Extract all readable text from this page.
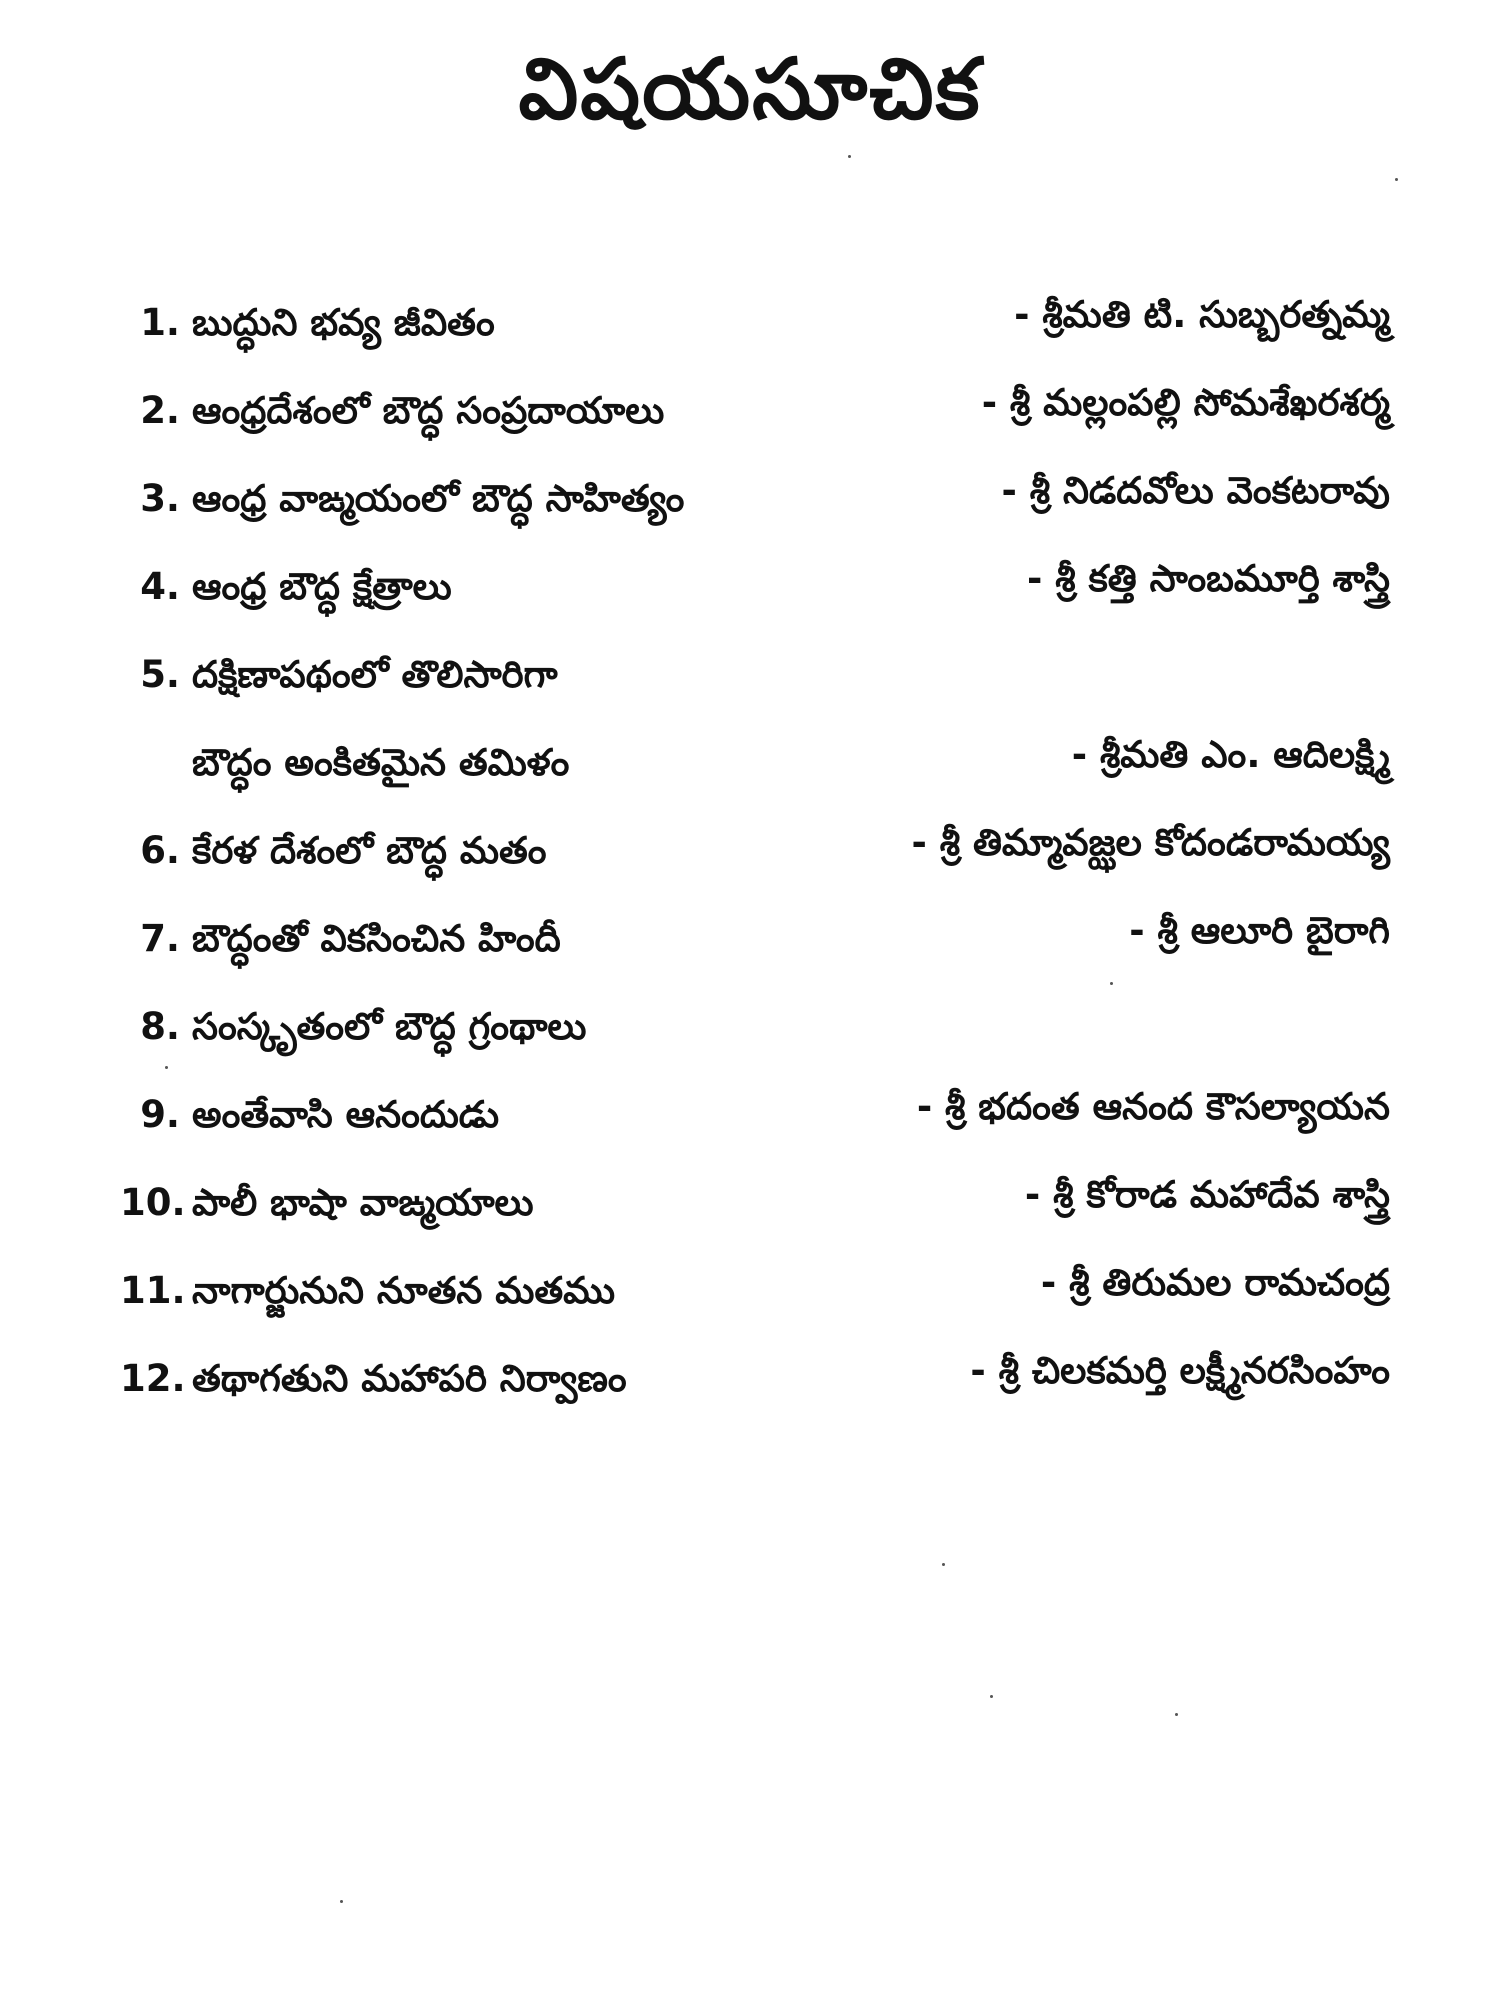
విషయసూచిక
1. బుద్ధుని భవ్య జీవితం	- శ్రీమతి టి. సుబ్బరత్నమ్మ
2. ఆంధ్రదేశంలో బౌద్ధ సంప్రదాయాలు	- శ్రీ మల్లంపల్లి సోమశేఖరశర్మ
3. ఆంధ్ర వాఙ్మయంలో బౌద్ధ సాహిత్యం	- శ్రీ నిడదవోలు వెంకటరావు
4. ఆంధ్ర బౌద్ధ క్షేత్రాలు	- శ్రీ కత్తి సాంబమూర్తి శాస్త్రి
5. దక్షిణాపథంలో తొలిసారిగా
బౌద్ధం అంకితమైన తమిళం	- శ్రీమతి ఎం. ఆదిలక్ష్మి
6. కేరళ దేశంలో బౌద్ధ మతం	- శ్రీ తిమ్మావజ్ఝల కోదండరామయ్య
7. బౌద్ధంతో వికసించిన హిందీ	- శ్రీ ఆలూరి బైరాగి
8. సంస్కృతంలో బౌద్ధ గ్రంథాలు
9. అంతేవాసి ఆనందుడు	- శ్రీ భదంత ఆనంద కౌసల్యాయన
10. పాలీ భాషా వాఙ్మయాలు	- శ్రీ కోరాడ మహాదేవ శాస్త్రి
11. నాగార్జునుని నూతన మతము	- శ్రీ తిరుమల రామచంద్ర
12. తథాగతుని మహాపరి నిర్వాణం	- శ్రీ చిలకమర్తి లక్ష్మీనరసింహం
